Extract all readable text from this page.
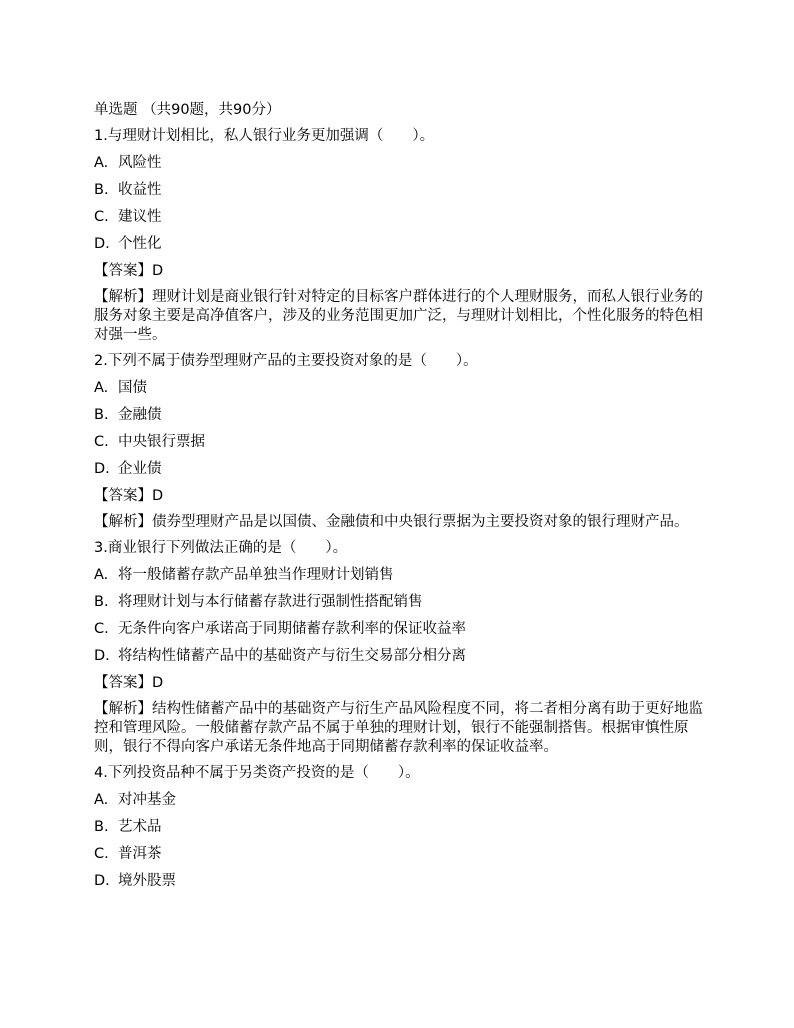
单选题 （共90题，共90分）
1.与理财计划相比，私人银行业务更加强调（　　）。
A. 风险性
B. 收益性
C. 建议性
D. 个性化
【答案】D
【解析】理财计划是商业银行针对特定的目标客户群体进行的个人理财服务，而私人银行业务的服务对象主要是高净值客户，涉及的业务范围更加广泛，与理财计划相比，个性化服务的特色相对强一些。
2.下列不属于债券型理财产品的主要投资对象的是（　　）。
A. 国债
B. 金融债
C. 中央银行票据
D. 企业债
【答案】D
【解析】债券型理财产品是以国债、金融债和中央银行票据为主要投资对象的银行理财产品。
3.商业银行下列做法正确的是（　　）。
A. 将一般储蓄存款产品单独当作理财计划销售
B. 将理财计划与本行储蓄存款进行强制性搭配销售
C. 无条件向客户承诺高于同期储蓄存款利率的保证收益率
D. 将结构性储蓄产品中的基础资产与衍生交易部分相分离
【答案】D
【解析】结构性储蓄产品中的基础资产与衍生产品风险程度不同，将二者相分离有助于更好地监控和管理风险。一般储蓄存款产品不属于单独的理财计划，银行不能强制搭售。根据审慎性原则，银行不得向客户承诺无条件地高于同期储蓄存款利率的保证收益率。
4.下列投资品种不属于另类资产投资的是（　　）。
A. 对冲基金
B. 艺术品
C. 普洱茶
D. 境外股票
